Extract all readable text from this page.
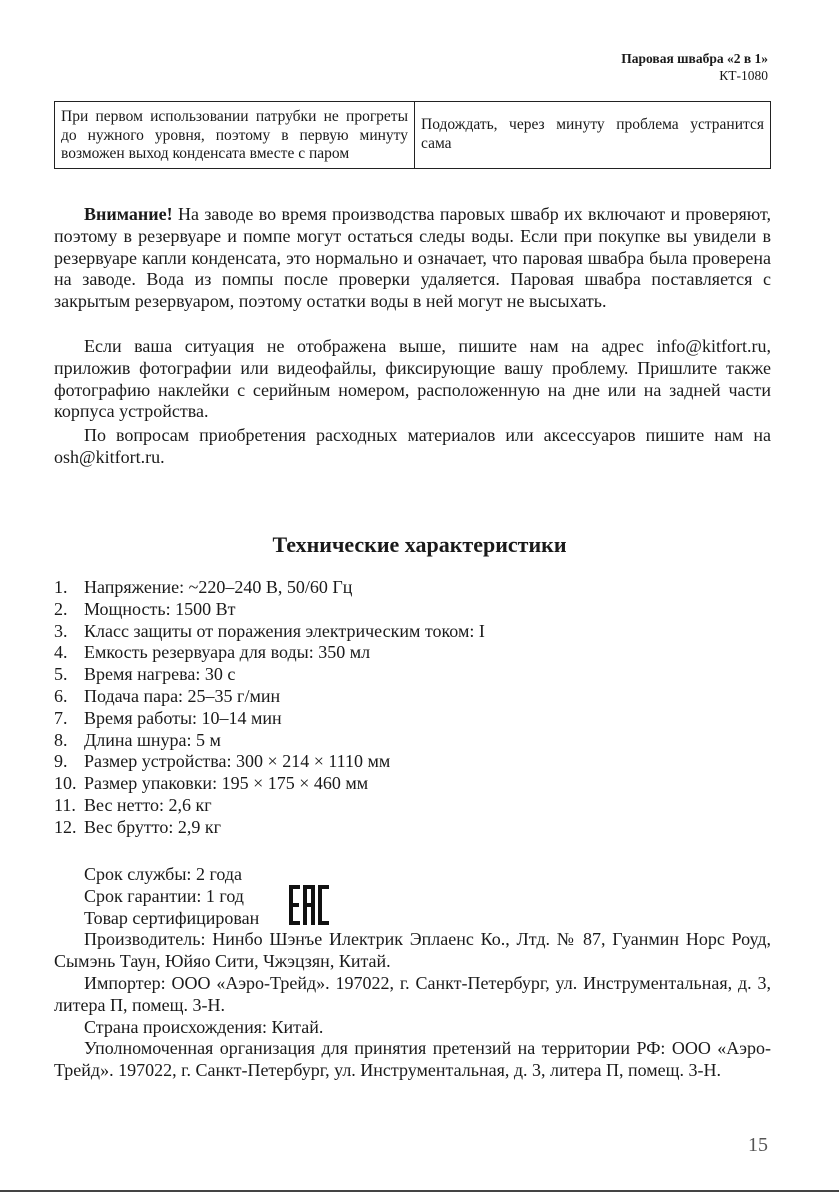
Паровая швабра «2 в 1»
КТ-1080
При первом использовании патрубки не прогреты до нужного уровня, поэтому в первую минуту возможен выход конденсата вместе с паром	Подождать, через минуту проблема устранится сама

Внимание! На заводе во время производства паровых швабр их включают и проверяют, поэтому в резервуаре и помпе могут остаться следы воды. Если при покупке вы увидели в резервуаре капли конденсата, это нормально и означает, что паровая швабра была проверена на заводе. Вода из помпы после проверки удаляется. Паровая швабра поставляется с закрытым резервуаром, поэтому остатки воды в ней могут не высыхать.

Если ваша ситуация не отображена выше, пишите нам на адрес info@kitfort.ru, приложив фотографии или видеофайлы, фиксирующие вашу проблему. Пришлите также фотографию наклейки с серийным номером, расположенную на дне или на задней части корпуса устройства.

По вопросам приобретения расходных материалов или аксессуаров пишите нам на osh@kitfort.ru.

Технические характеристики
1. Напряжение: ~220–240 В, 50/60 Гц
2. Мощность: 1500 Вт
3. Класс защиты от поражения электрическим током: I
4. Емкость резервуара для воды: 350 мл
5. Время нагрева: 30 с
6. Подача пара: 25–35 г/мин
7. Время работы: 10–14 мин
8. Длина шнура: 5 м
9. Размер устройства: 300 × 214 × 1110 мм
10. Размер упаковки: 195 × 175 × 460 мм
11. Вес нетто: 2,6 кг
12. Вес брутто: 2,9 кг

Срок службы: 2 года

Срок гарантии: 1 год

Товар сертифицирован

Производитель: Нинбо Шэнъе Илектрик Эплаенс Ко., Лтд. № 87, Гуанмин Норс Роуд, Сымэнь Таун, Юйяо Сити, Чжэцзян, Китай.

Импортер: ООО «Аэро-Трейд». 197022, г. Санкт-Петербург, ул. Инструментальная, д. 3, литера П, помещ. 3-Н.

Страна происхождения: Китай.

Уполномоченная организация для принятия претензий на территории РФ: ООО «Аэро-Трейд». 197022, г. Санкт-Петербург, ул. Инструментальная, д. 3, литера П, помещ. 3-Н.

15
